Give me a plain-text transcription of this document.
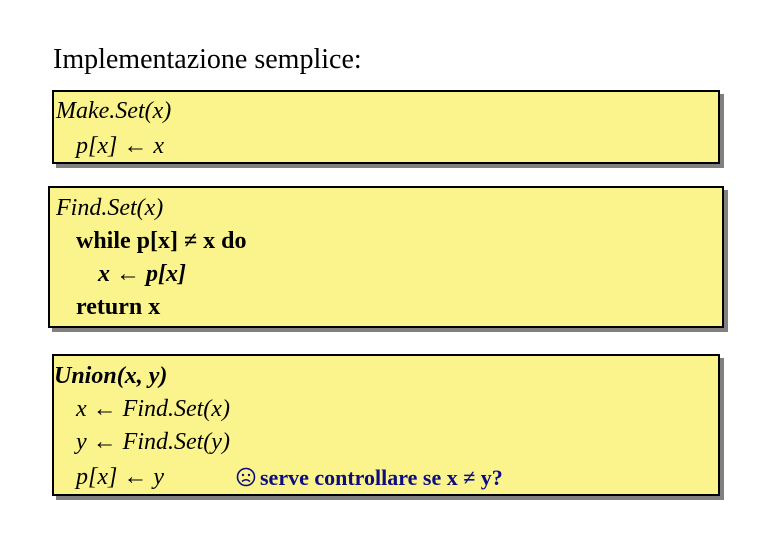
Implementazione semplice:
Make.Set(x)
p[x] ← x
Find.Set(x)
while p[x] ≠ x do
x ← p[x]
return x
Union(x, y)
x ← Find.Set(x)
y ← Find.Set(y)
p[x] ← y	serve controllare se x ≠ y?
